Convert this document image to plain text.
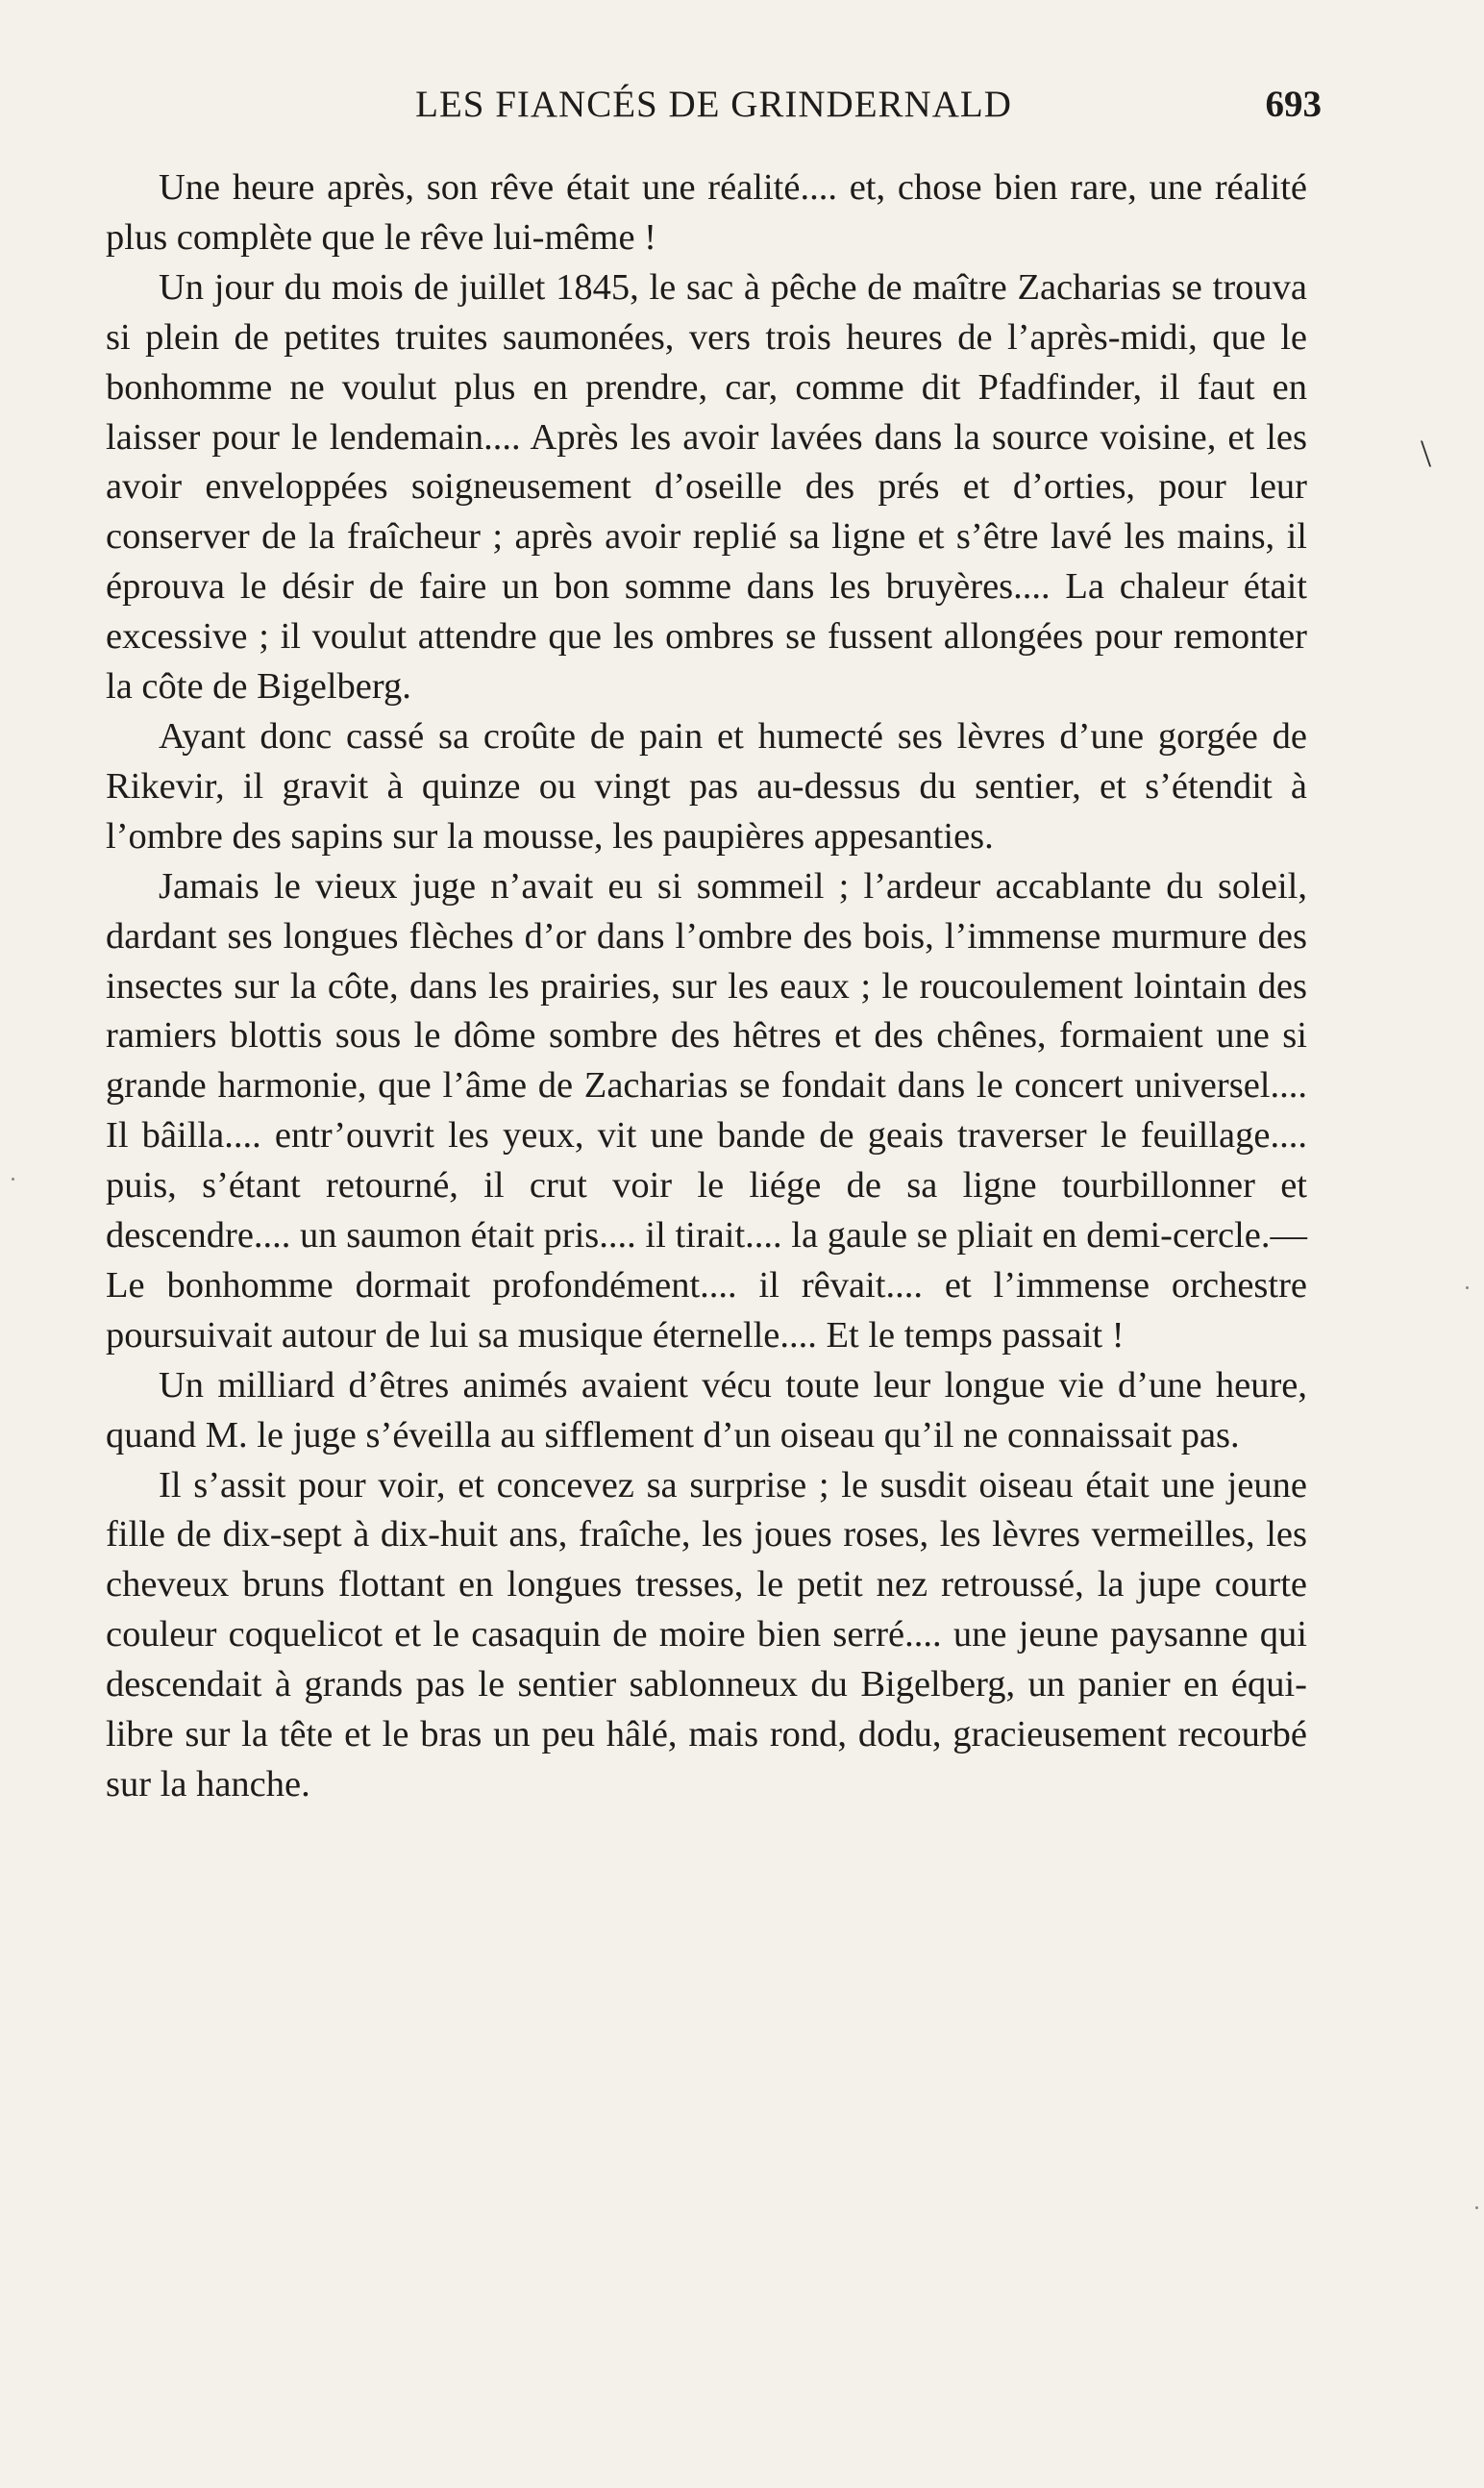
LES FIANCÉS DE GRINDERNALD	693

Une heure après, son rêve était une réalité.... et, chose bien rare, une réalité plus complète que le rêve lui-même !

Un jour du mois de juillet 1845, le sac à pêche de maître Zacharias se trouva si plein de petites truites saumonées, vers trois heures de l’après-midi, que le bonhomme ne voulut plus en prendre, car, comme dit Pfadfinder, il faut en laisser pour le lendemain.... Après les avoir lavées dans la source voisine, et les avoir enveloppées soigneusement d’oseille des prés et d’orties, pour leur conserver de la fraîcheur ; après avoir replié sa ligne et s’être lavé les mains, il éprouva le désir de faire un bon somme dans les bruyères.... La chaleur était excessive ; il voulut attendre que les ombres se fussent allongées pour remonter la côte de Bigelberg.

Ayant donc cassé sa croûte de pain et humecté ses lèvres d’une gorgée de Rikevir, il gravit à quinze ou vingt pas au-dessus du sentier, et s’étendit à l’ombre des sapins sur la mousse, les paupières appesanties.

Jamais le vieux juge n’avait eu si sommeil ; l’ardeur accablante du soleil, dardant ses longues flèches d’or dans l’ombre des bois, l’immense murmure des insectes sur la côte, dans les prairies, sur les eaux ; le roucoulement lointain des ramiers blottis sous le dôme sombre des hêtres et des chênes, formaient une si grande harmonie, que l’âme de Zacharias se fondait dans le concert universel.... Il bâilla.... entr’ouvrit les yeux, vit une bande de geais traverser le feuillage.... puis, s’étant retourné, il crut voir le liége de sa ligne tourbillonner et descendre.... un saumon était pris.... il tirait.... la gaule se pliait en demi-cercle.—Le bonhomme dormait profondément.... il rêvait.... et l’immense orchestre poursuivait autour de lui sa musique éternelle.... Et le temps passait !

Un milliard d’êtres animés avaient vécu toute leur longue vie d’une heure, quand M. le juge s’éveilla au sifflement d’un oiseau qu’il ne connaissait pas.

Il s’assit pour voir, et concevez sa surprise ; le susdit oiseau était une jeune fille de dix-sept à dix-huit ans, fraîche, les joues roses, les lèvres vermeilles, les cheveux bruns flottant en longues tresses, le petit nez retroussé, la jupe courte couleur coquelicot et le casaquin de moire bien serré.... une jeune paysanne qui descendait à grands pas le sentier sablonneux du Bigelberg, un panier en équilibre sur la tête et le bras un peu hâlé, mais rond, dodu, gracieusement recourbé sur la hanche.

\
